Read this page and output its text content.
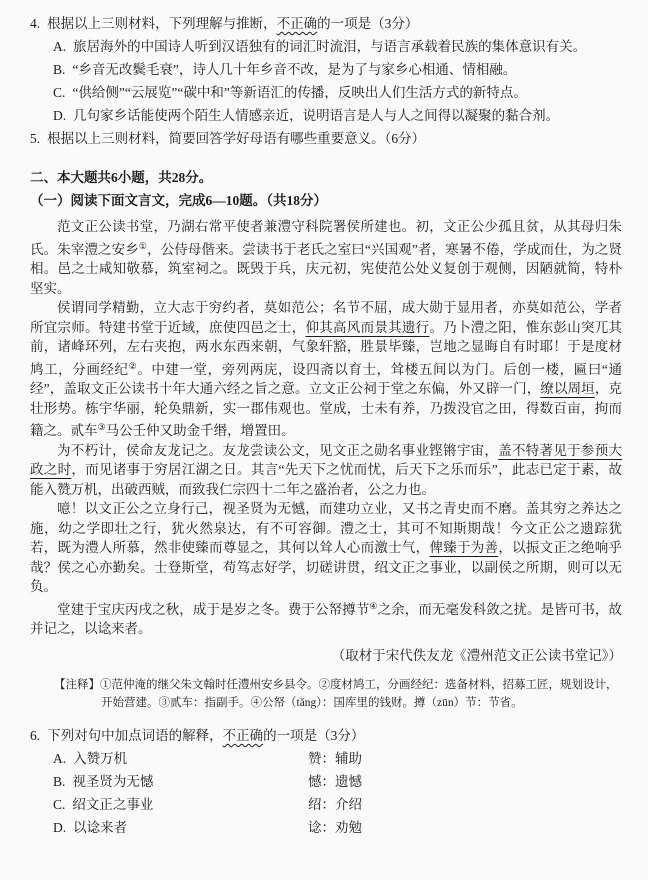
4. 根据以上三则材料，下列理解与推断，不正确的一项是（3分）
A. 旅居海外的中国诗人听到汉语独有的词汇时流泪，与语言承载着民族的集体意识有关。
B. “乡音无改鬓毛衰”，诗人几十年乡音不改，是为了与家乡心相通、情相融。
C. “供给侧”“云展览”“碳中和”等新语汇的传播，反映出人们生活方式的新特点。
D. 几句家乡话能使两个陌生人情感亲近，说明语言是人与人之间得以凝聚的黏合剂。
5. 根据以上三则材料，简要回答学好母语有哪些重要意义。（6分）
二、本大题共6小题，共28分。
（一）阅读下面文言文，完成6—10题。（共18分）

范文正公读书堂，乃湖右常平使者兼澧守科院署侯所建也。初，文正公少孤且贫，从其母归朱氏。朱宰澧之安乡①，公侍母偕来。尝读书于老氏之室曰“兴国观”者，寒暑不倦，学成而仕，为之贤相。邑之士咸知敬慕，筑室祠之。既毁于兵，庆元初，宪使范公处义复创于观侧，因陋就简，特朴坚实。

侯谓同学精勤，立大志于穷约者，莫如范公；名节不屈，成大勋于显用者，亦莫如范公，学者所宜宗师。特建书堂于近域，庶使四邑之士，仰其高风而景其遗行。乃卜澧之阳，惟东彭山突兀其前，诸峰环列，左右夹抱，两水东西来朝，气象轩豁，胜景毕臻，岂地之显晦自有时耶！于是度材鸠工，分画经纪②。中建一堂，旁列两庑，设四斋以育士，耸楼五间以为门。后创一楼，匾曰“通经”，盖取文正公读书十年大通六经之旨之意。立文正公祠于堂之东偏，外又辟一门，缭以周垣，克壮形势。栋宇华丽，轮奂鼎新，实一郡伟观也。堂成，士未有养，乃拨没官之田，得数百亩，拘而籍之。贰车③马公壬仲又助金千缗，增置田。

为不朽计，侯命友龙记之。友龙尝读公文，见文正之勋名事业铿锵宇宙，盖不特著见于参预大政之时，而见诸事于穷居江湖之日。其言“先天下之忧而忧，后天下之乐而乐”，此志已定于素，故能入赞 ●万机，出破西贼，而致我仁宗四十二年之盛治者，公之力也。

噫！以文正公之立身行己，视圣贤为无憾 ●，而建功立业，又书之青史而不磨。盖其穷之养达之施，幼之学即壮之行，犹火然泉达，有不可容御。澧之士，其可不知斯期哉！今文正公之遗踪犹若，既为澧人所慕，然非使臻而尊显之，其何以耸人心而激士气，俾臻于为善，以振文正之绝响乎哉？侯之心亦勤矣。士登斯堂，苟笃志好学，切磋讲贯，绍 ●文正之事业，以副侯之所期，则可以无负。

堂建于宝庆丙戌之秋，成于是岁之冬。费于公帑撙节④之余，而无毫发科敛之扰。是皆可书，故并记之，以谂 ●来者。

（取材于宋代佚友龙《澧州范文正公读书堂记》）

【注释】①范仲淹的继父朱文翰时任澧州安乡县令。②度材鸠工，分画经纪：选备材料，招募工匠，规划设计，开始营建。③贰车：指副手。④公帑（tǎng）：国库里的钱财。撙（zūn）节：节省。
6. 下列对句中加点词语的解释，不正确的一项是（3分）
A. 入赞 ●万机	赞：辅助
B. 视圣贤为无憾 ●	憾：遗憾
C. 绍 ●文正之事业	绍：介绍
D. 以谂 ●来者	谂：劝勉
